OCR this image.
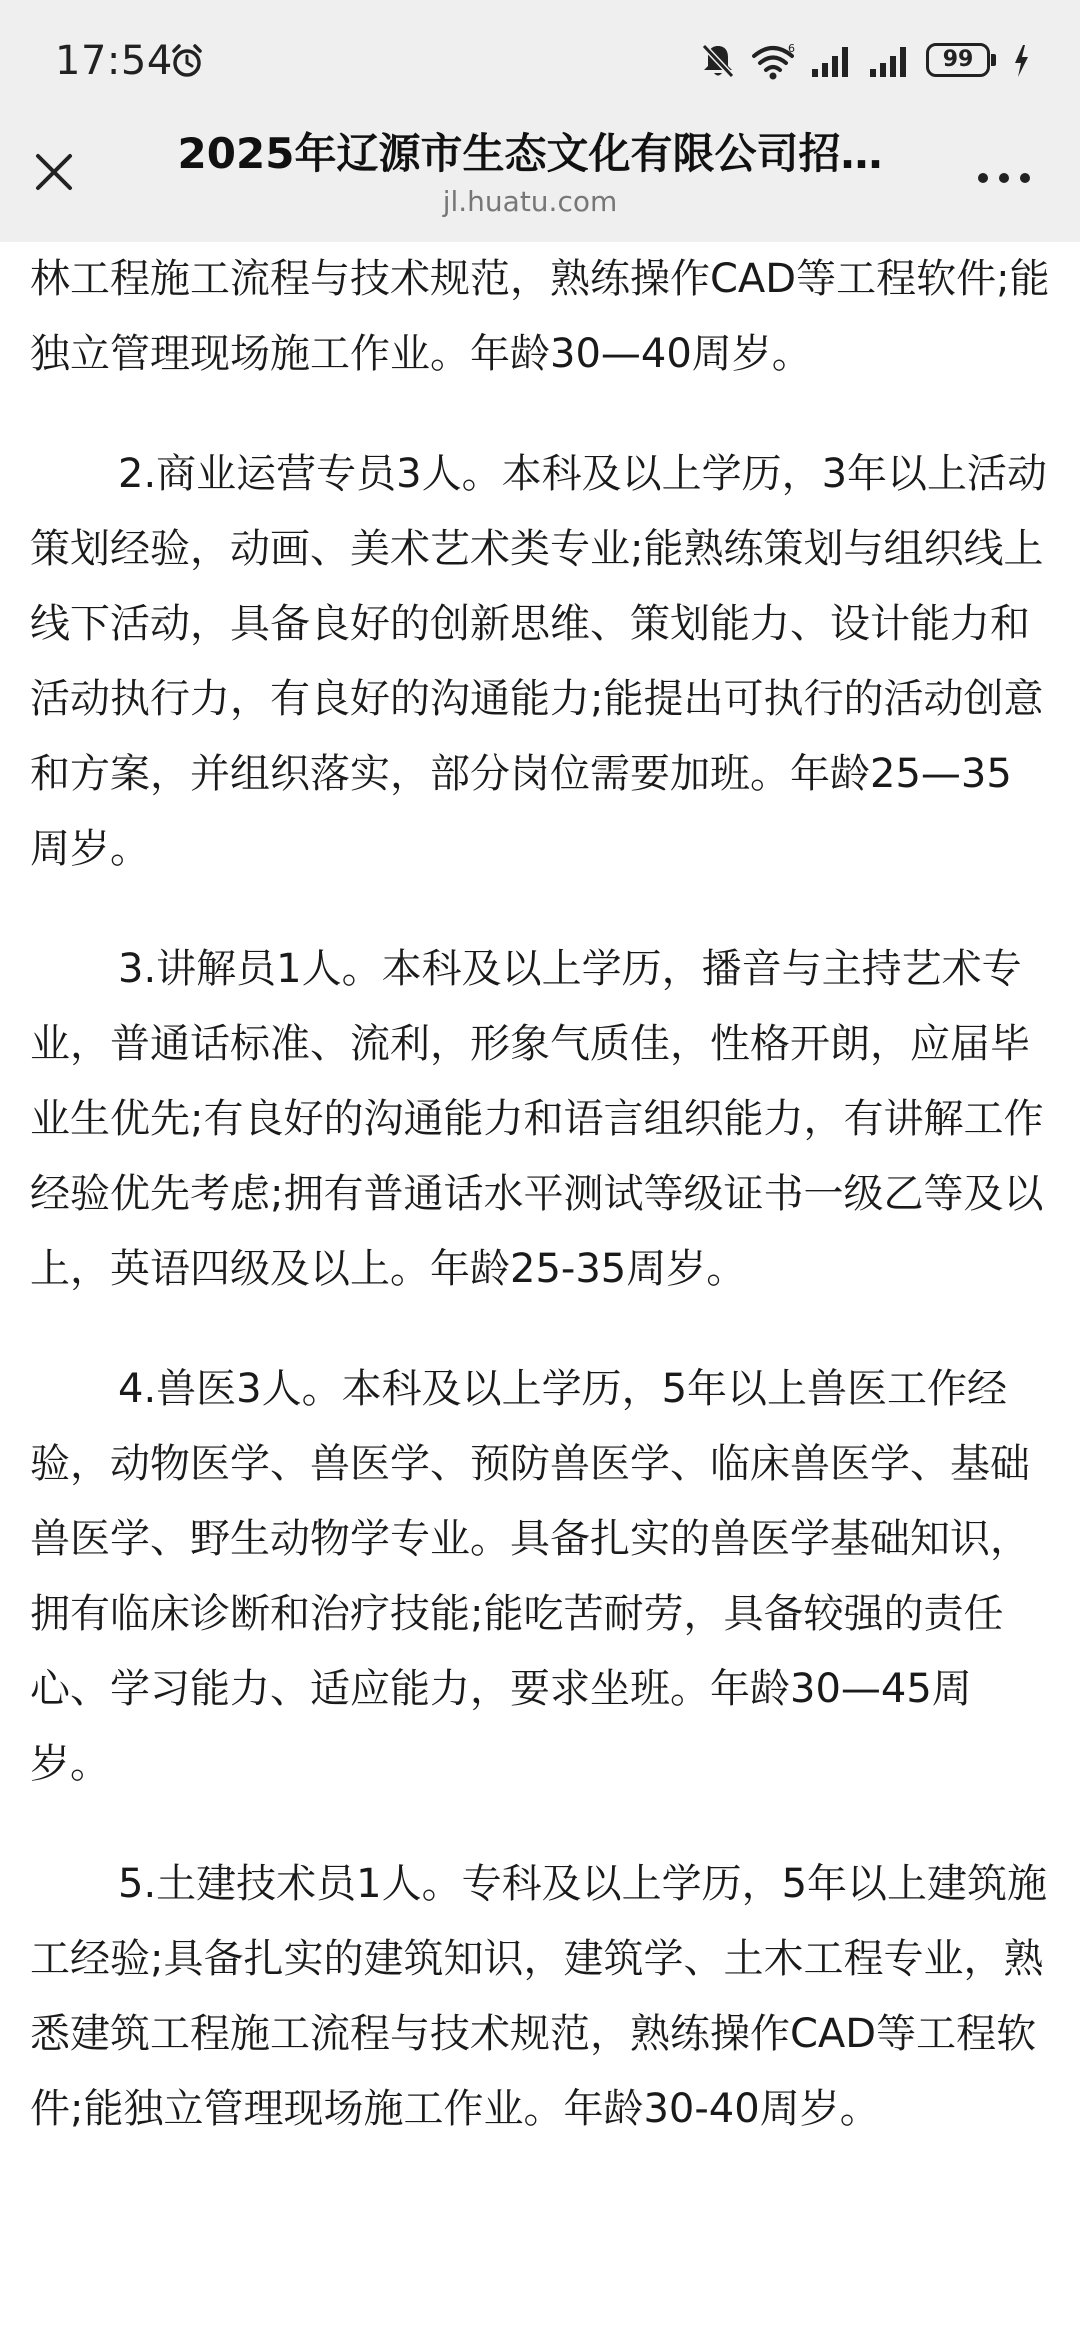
17:54	6	99
2025年辽源市生态文化有限公司招…
jl.huatu.com

林工程施工流程与技术规范，熟练操作CAD等工程软件;能独立管理现场施工作业。年龄30—40周岁。

2.商业运营专员3人。本科及以上学历，3年以上活动策划经验，动画、美术艺术类专业;能熟练策划与组织线上线下活动，具备良好的创新思维、策划能力、设计能力和活动执行力，有良好的沟通能力;能提出可执行的活动创意和方案，并组织落实，部分岗位需要加班。年龄25—35周岁。

3.讲解员1人。本科及以上学历，播音与主持艺术专业，普通话标准、流利，形象气质佳，性格开朗，应届毕业生优先;有良好的沟通能力和语言组织能力，有讲解工作经验优先考虑;拥有普通话水平测试等级证书一级乙等及以上，英语四级及以上。年龄25-35周岁。

4.兽医3人。本科及以上学历，5年以上兽医工作经验，动物医学、兽医学、预防兽医学、临床兽医学、基础兽医学、野生动物学专业。具备扎实的兽医学基础知识，拥有临床诊断和治疗技能;能吃苦耐劳，具备较强的责任心、学习能力、适应能力，要求坐班。年龄30—45周岁。

5.土建技术员1人。专科及以上学历，5年以上建筑施工经验;具备扎实的建筑知识，建筑学、土木工程专业，熟悉建筑工程施工流程与技术规范，熟练操作CAD等工程软件;能独立管理现场施工作业。年龄30-40周岁。
